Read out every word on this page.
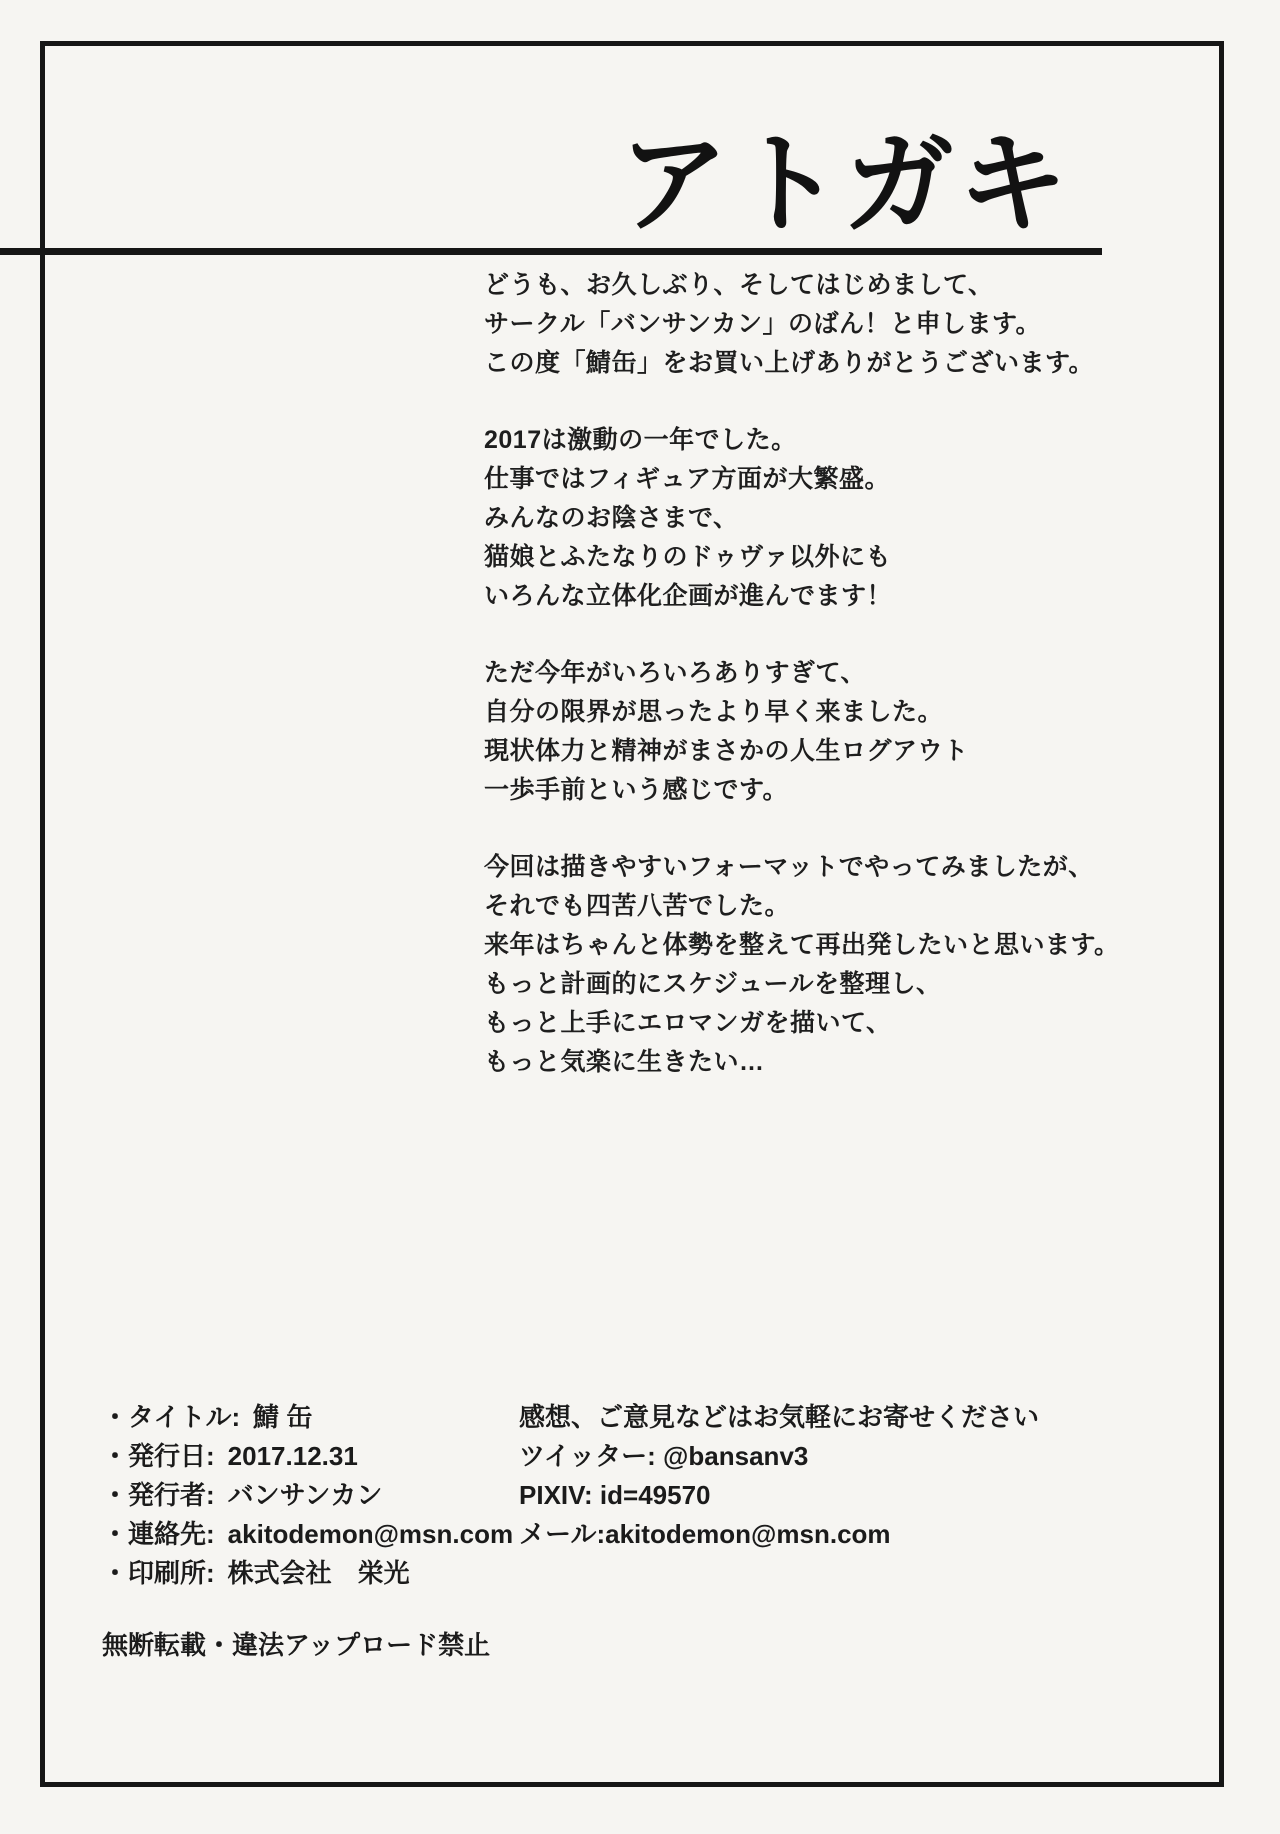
アトガキ

どうも、お久しぶり、そしてはじめまして、
サークル「バンサンカン」のばん！と申します。
この度「鯖缶」をお買い上げありがとうございます。

2017は激動の一年でした。
仕事ではフィギュア方面が大繁盛。
みんなのお陰さまで、
猫娘とふたなりのドゥヴァ以外にも
いろんな立体化企画が進んでます！

ただ今年がいろいろありすぎて、
自分の限界が思ったより早く来ました。
現状体力と精神がまさかの人生ログアウト
一歩手前という感じです。

今回は描きやすいフォーマットでやってみましたが、
それでも四苦八苦でした。
来年はちゃんと体勢を整えて再出発したいと思います。
もっと計画的にスケジュールを整理し、
もっと上手にエロマンガを描いて、
もっと気楽に生きたい…

・タイトル: 鯖 缶
・発行日: 2017.12.31
・発行者: バンサンカン
・連絡先: akitodemon@msn.com
・印刷所: 株式会社　栄光
感想、ご意見などはお気軽にお寄せください
ツイッター: @bansanv3
PIXIV: id=49570
メール:akitodemon@msn.com
無断転載・違法アップロード禁止
